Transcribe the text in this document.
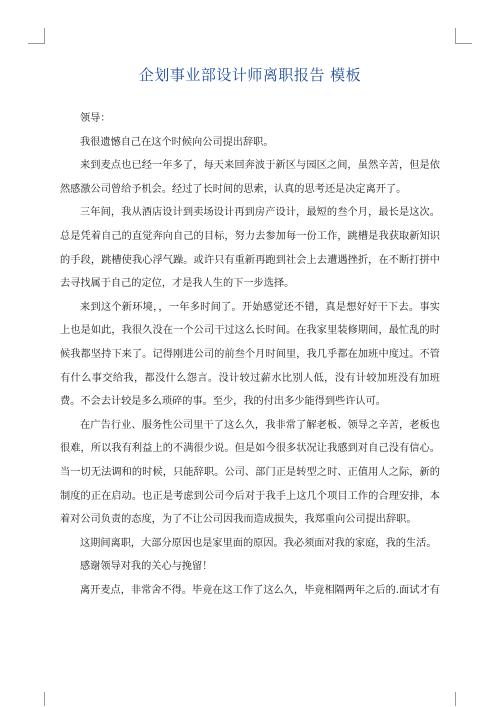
企划事业部设计师离职报告 模板

领导：

我很遗憾自己在这个时候向公司提出辞职。

来到麦点也已经一年多了，每天来回奔波于新区与园区之间，虽然辛苦，但是依然感激公司曾给予机会。经过了长时间的思索，认真的思考还是决定离开了。

三年间，我从酒店设计到卖场设计再到房产设计，最短的叁个月，最长是这次。总是凭着自己的直觉奔向自己的目标，努力去参加每一份工作，跳槽是我获取新知识的手段，跳槽使我心浮气躁。或许只有重新再跑到社会上去遭遇挫折，在不断打拼中去寻找属于自己的定位，才是我人生的下一步选择。

来到这个新环境，，一年多时间了。开始感觉还不错，真是想好好干下去。事实上也是如此，我很久没在一个公司干过这么长时间。在我家里装修期间，最忙乱的时候我都坚持下来了。记得刚进公司的前叁个月时间里，我几乎都在加班中度过。不管有什么事交给我，都没什么怨言。没计较过薪水比别人低，没有计较加班没有加班费。不会去计较是多么琐碎的事。至少，我的付出多少能得到些许认可。

在广告行业、服务性公司里干了这么久，我非常了解老板、领导之辛苦，老板也很难，所以我有利益上的不满很少说。但是如今很多状况让我感到对自己没有信心。当一切无法调和的时候，只能辞职。公司、部门正是转型之时、正值用人之际，新的制度的正在启动。也正是考虑到公司今后对于我手上这几个项目工作的合理安排，本着对公司负责的态度，为了不让公司因我而造成损失，我郑重向公司提出辞职。

这期间离职，大部分原因也是家里面的原因。我必须面对我的家庭，我的生活。

感谢领导对我的关心与挽留！

离开麦点，非常舍不得。毕竟在这工作了这么久，毕竟相隔两年之后的.面试才有
